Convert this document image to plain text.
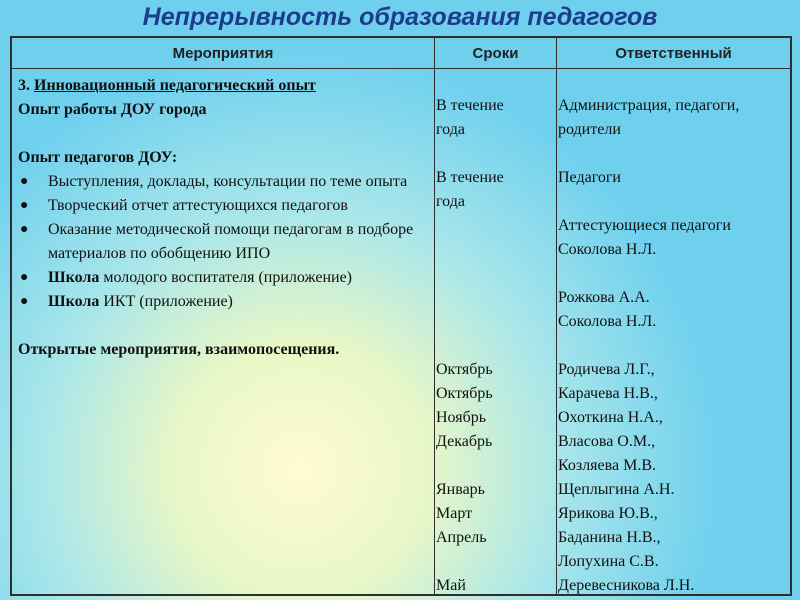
Непрерывность образования педагогов
Мероприятия	Сроки	Ответственный

3. Инновационный педагогический опыт

Опыт работы ДОУ города

Опыт педагогов ДОУ:

● Выступления, доклады, консультации по теме опыта
● Творческий отчет аттестующихся педагогов
● Оказание методической помощи педагогам в подборе материалов по обобщению ИПО
● Школа молодого воспитателя (приложение)
● Школа ИКТ (приложение)

Открытые мероприятия, взаимопосещения.

В течение

года

В течение

года

Октябрь

Октябрь

Ноябрь

Декабрь

Январь

Март

Апрель

Май

Администрация, педагоги,

родители

Педагоги

Аттестующиеся педагоги

Соколова Н.Л.

Рожкова А.А.

Соколова Н.Л.

Родичева Л.Г.,

Карачева Н.В.,

Охоткина Н.А.,

Власова О.М.,

Козляева М.В.

Щеплыгина А.Н.

Ярикова Ю.В.,

Баданина Н.В.,

Лопухина С.В.

Деревесникова Л.Н.
